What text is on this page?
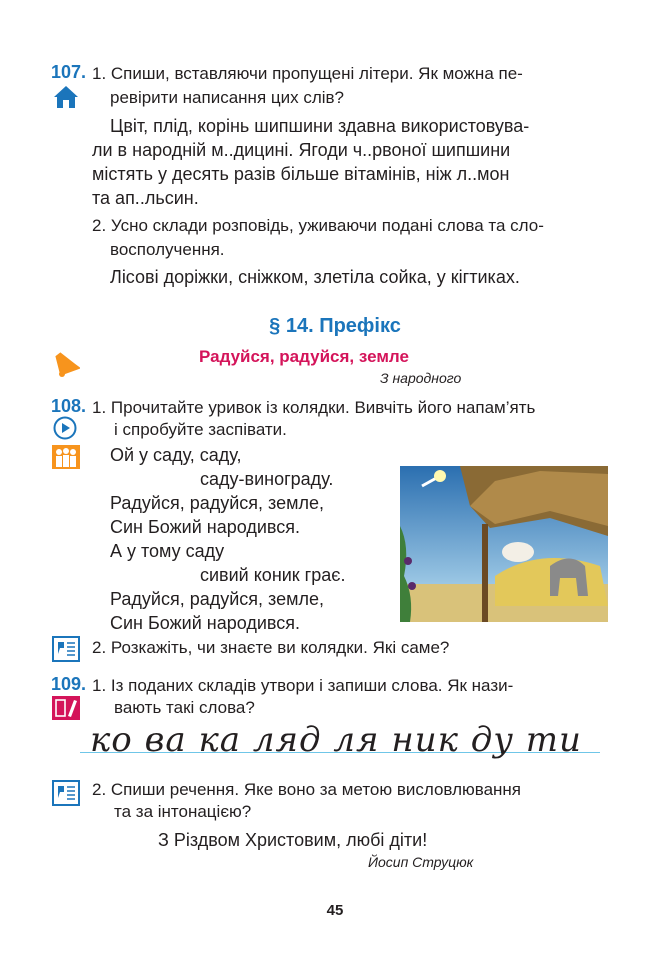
107. 1. Спиши, вставляючи пропущені літери. Як можна пе-
ревірити написання цих слів?
Цвіт, плід, корінь шипшини здавна використовува-
ли в народній м..дицині. Ягоди ч..рвоної шипшини
містять у десять разів більше вітамінів, ніж л..мон
та ап..льсин.
2. Усно склади розповідь, уживаючи подані слова та сло-
восполучення.
Лісові доріжки, сніжком, злетіла сойка, у кігтиках.
§ 14. Префікс
Радуйся, радуйся, земле
З народного
108. 1. Прочитайте уривок із колядки. Вивчіть його напам’ять
і спробуйте заспівати.
Ой у саду, саду,
саду-винограду.
Радуйся, радуйся, земле,
Син Божий народився.
А у тому саду
сивий коник грає.
Радуйся, радуйся, земле,
Син Божий народився.
2. Розкажіть, чи знаєте ви колядки. Які саме?
109. 1. Із поданих складів утвори і запиши слова. Як нази-
вають такі слова?
ко ва ка ляд ля ник ду ти
2. Спиши речення. Яке воно за метою висловлювання
та за інтонацією?
З Різдвом Христовим, любі діти!
Йосип Струцюк
45
